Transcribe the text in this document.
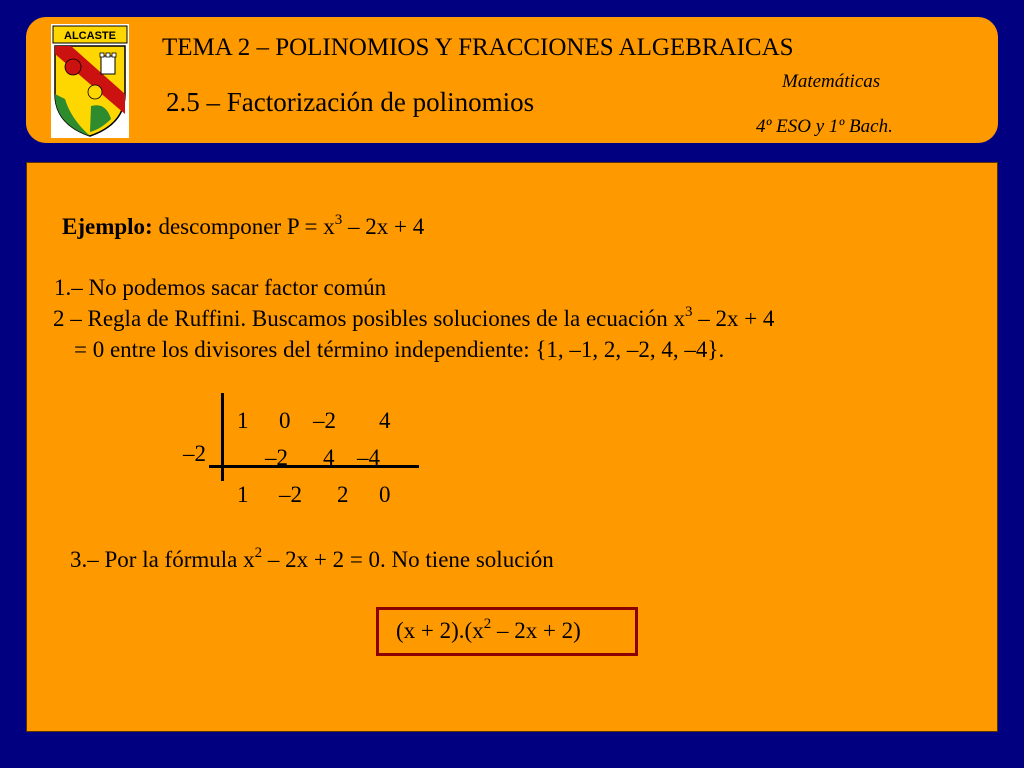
ALCASTE TEMA 2 – POLINOMIOS Y FRACCIONES ALGEBRAICAS
2.5 – Factorización de polinomios
Matemáticas
4º ESO y 1º Bach.
Ejemplo: descomponer $P = x^3 - 2x + 4$
1.– No podemos sacar factor común
2 – Regla de Ruffini. Buscamos posibles soluciones de la ecuación $x^3 - 2x + 4$
= 0 entre los divisores del término independiente: {1, –1, 2, –2, 4, –4}.
–2
1 0 –2 4
–2 4 –4
1 –2 2 0
3.– Por la fórmula $x^2 - 2x + 2 = 0$. No tiene solución
$(x + 2).(x^2 - 2x + 2)$
